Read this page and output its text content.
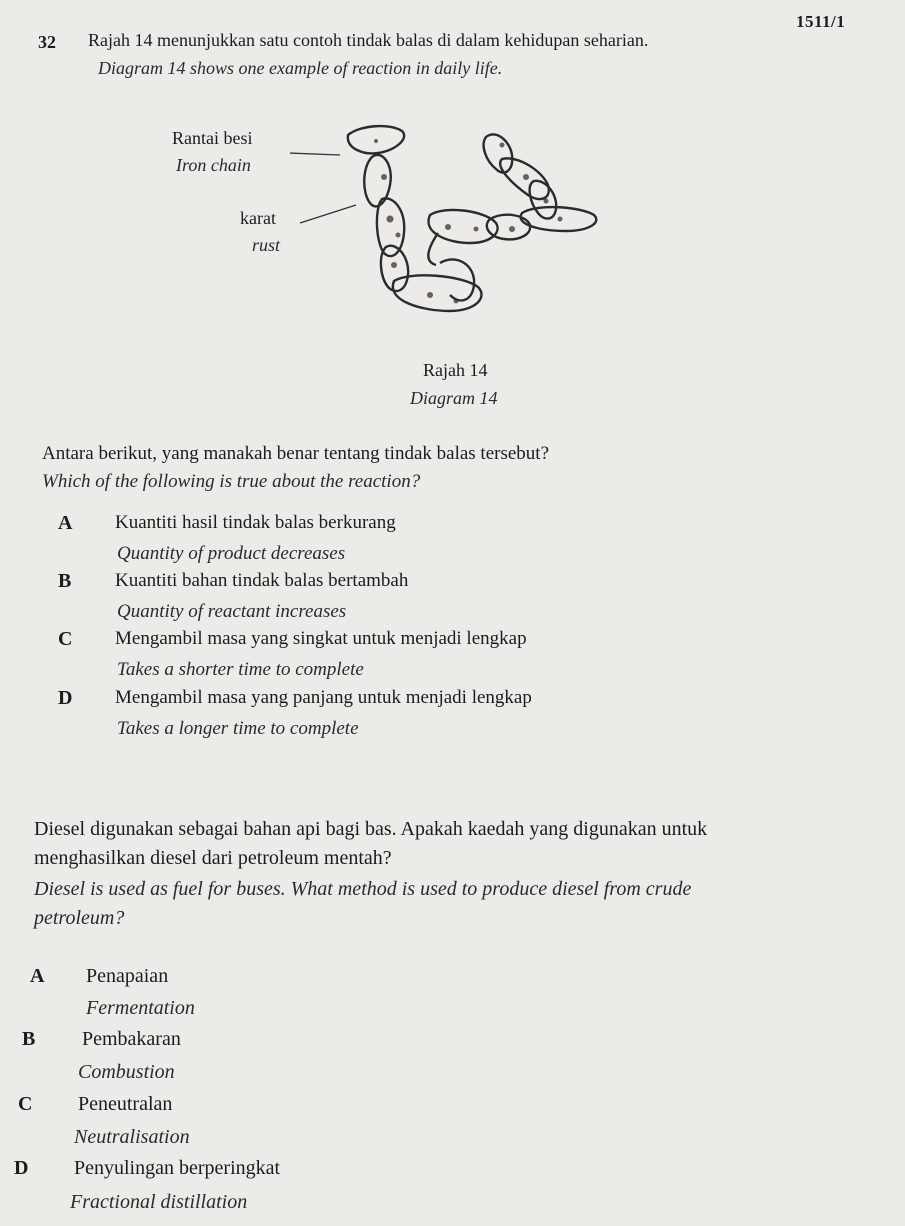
1511/1
32 Rajah 14 menunjukkan satu contoh tindak balas di dalam kehidupan seharian.
Diagram 14 shows one example of reaction in daily life.
Rantai besi
Iron chain
karat
rust
Rajah 14
Diagram 14
Antara berikut, yang manakah benar tentang tindak balas tersebut?
Which of the following is true about the reaction?
A Kuantiti hasil tindak balas berkurang
Quantity of product decreases
B Kuantiti bahan tindak balas bertambah
Quantity of reactant increases
C Mengambil masa yang singkat untuk menjadi lengkap
Takes a shorter time to complete
D Mengambil masa yang panjang untuk menjadi lengkap
Takes a longer time to complete
Diesel digunakan sebagai bahan api bagi bas. Apakah kaedah yang digunakan untuk
menghasilkan diesel dari petroleum mentah?
Diesel is used as fuel for buses. What method is used to produce diesel from crude
petroleum?
A Penapaian
Fermentation
B Pembakaran
Combustion
C Peneutralan
Neutralisation
D Penyulingan berperingkat
Fractional distillation
